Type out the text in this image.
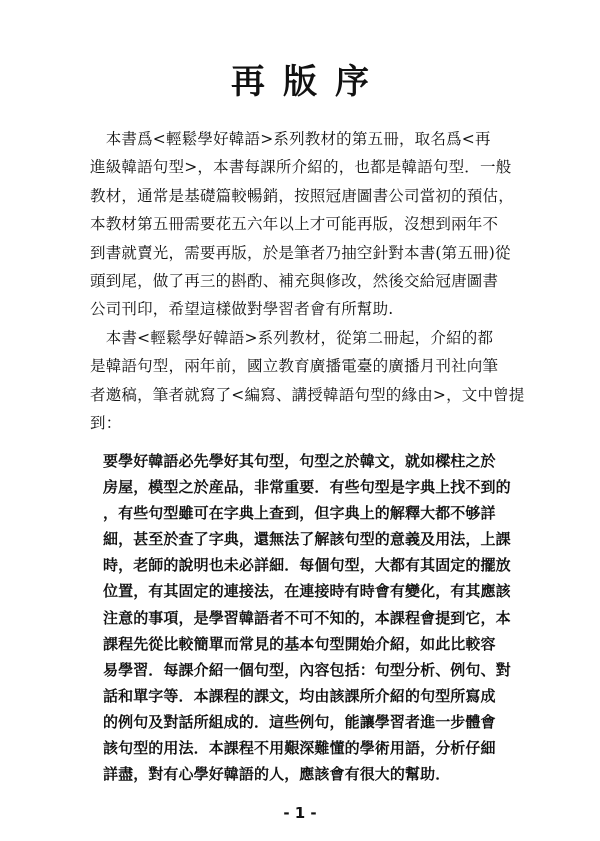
再版序
　本書爲<輕鬆學好韓語>系列教材的第五冊，取名爲<再
進級韓語句型>，本書每課所介紹的，也都是韓語句型．一般
教材，通常是基礎篇較暢銷，按照冠唐圖書公司當初的預估，
本教材第五冊需要花五六年以上才可能再版，沒想到兩年不
到書就賣光，需要再版，於是筆者乃抽空針對本書(第五冊)從
頭到尾，做了再三的斟酌、補充與修改，然後交給冠唐圖書
公司刊印，希望這樣做對學習者會有所幫助.
　本書<輕鬆學好韓語>系列教材，從第二冊起，介紹的都
是韓語句型，兩年前，國立教育廣播電臺的廣播月刊社向筆
者邀稿，筆者就寫了<編寫、講授韓語句型的緣由>，文中曾提
到：
要學好韓語必先學好其句型，句型之於韓文，就如樑柱之於
房屋，模型之於産品，非常重要．有些句型是字典上找不到的
，有些句型雖可在字典上查到，但字典上的解釋大都不够詳
細，甚至於查了字典，還無法了解該句型的意義及用法，上課
時，老師的說明也未必詳細．每個句型，大都有其固定的擺放
位置，有其固定的連接法，在連接時有時會有變化，有其應該
注意的事項，是學習韓語者不可不知的，本課程會提到它，本
課程先從比較簡單而常見的基本句型開始介紹，如此比較容
易學習．每課介紹一個句型，內容包括：句型分析、例句、對
話和單字等．本課程的課文，均由該課所介紹的句型所寫成
的例句及對話所組成的．這些例句，能讓學習者進一步體會
該句型的用法．本課程不用艱深難懂的學術用語，分析仔細
詳盡，對有心學好韓語的人，應該會有很大的幫助．
- 1 -
